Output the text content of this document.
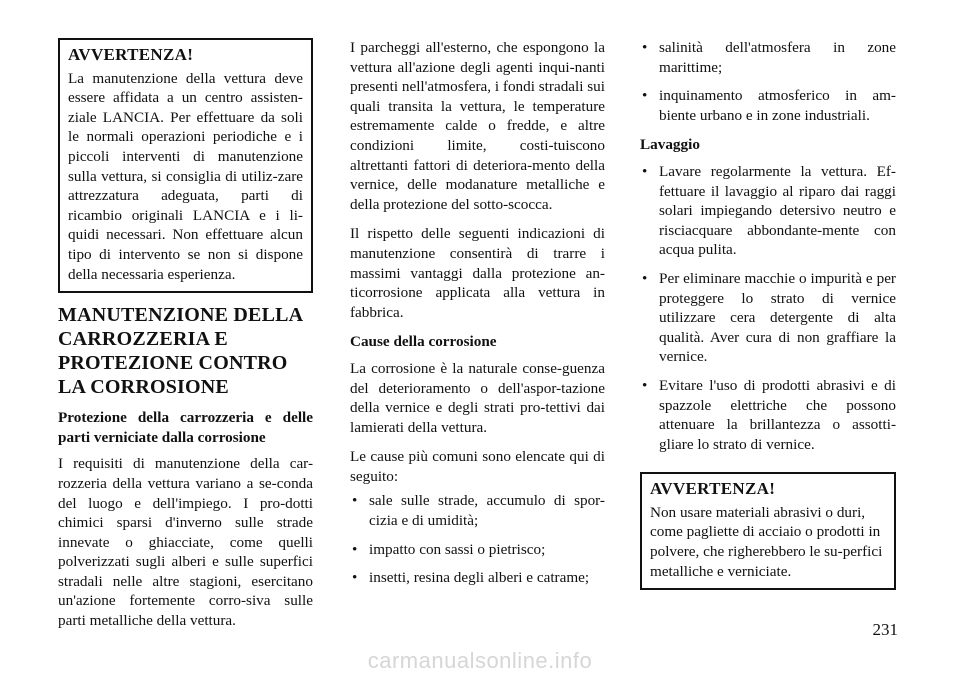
AVVERTENZA!
La manutenzione della vettura deve essere affidata a un centro assisten-ziale LANCIA. Per effettuare da soli le normali operazioni periodiche e i piccoli interventi di manutenzione sulla vettura, si consiglia di utiliz-zare attrezzatura adeguata, parti di ricambio originali LANCIA e i li-quidi necessari. Non effettuare alcun tipo di intervento se non si dispone della necessaria esperienza.
MANUTENZIONE DELLA CARROZZERIA E PROTEZIONE CONTRO LA CORROSIONE

Protezione della carrozzeria e delle parti verniciate dalla corrosione

I requisiti di manutenzione della car-rozzeria della vettura variano a se-conda del luogo e dell'impiego. I pro-dotti chimici sparsi d'inverno sulle strade innevate o ghiacciate, come quelli polverizzati sugli alberi e sulle superfici stradali nelle altre stagioni, esercitano un'azione fortemente corro-siva sulle parti metalliche della vettura.

I parcheggi all'esterno, che espongono la vettura all'azione degli agenti inqui-nanti presenti nell'atmosfera, i fondi stradali sui quali transita la vettura, le temperature estremamente calde o fredde, e altre condizioni limite, costi-tuiscono altrettanti fattori di deteriora-mento della vernice, delle modanature metalliche e della protezione del sotto-scocca.

Il rispetto delle seguenti indicazioni di manutenzione consentirà di trarre i massimi vantaggi dalla protezione an-ticorrosione applicata alla vettura in fabbrica.

Cause della corrosione

La corrosione è la naturale conse-guenza del deterioramento o dell'aspor-tazione della vernice e degli strati pro-tettivi dai lamierati della vettura.

Le cause più comuni sono elencate qui di seguito:

• sale sulle strade, accumulo di spor-cizia e di umidità;
• impatto con sassi o pietrisco;
• insetti, resina degli alberi e catrame;
• salinità dell'atmosfera in zone marittime;
• inquinamento atmosferico in am-biente urbano e in zone industriali.

Lavaggio

• Lavare regolarmente la vettura. Ef-fettuare il lavaggio al riparo dai raggi solari impiegando detersivo neutro e risciacquare abbondante-mente con acqua pulita.
• Per eliminare macchie o impurità e per proteggere lo strato di vernice utilizzare cera detergente di alta qualità. Aver cura di non graffiare la vernice.
• Evitare l'uso di prodotti abrasivi e di spazzole elettriche che possono attenuare la brillantezza o assotti-gliare lo strato di vernice.
AVVERTENZA!
Non usare materiali abrasivi o duri, come pagliette di acciaio o prodotti in polvere, che righerebbero le su-perfici metalliche e verniciate.
231
carmanualsonline.info
